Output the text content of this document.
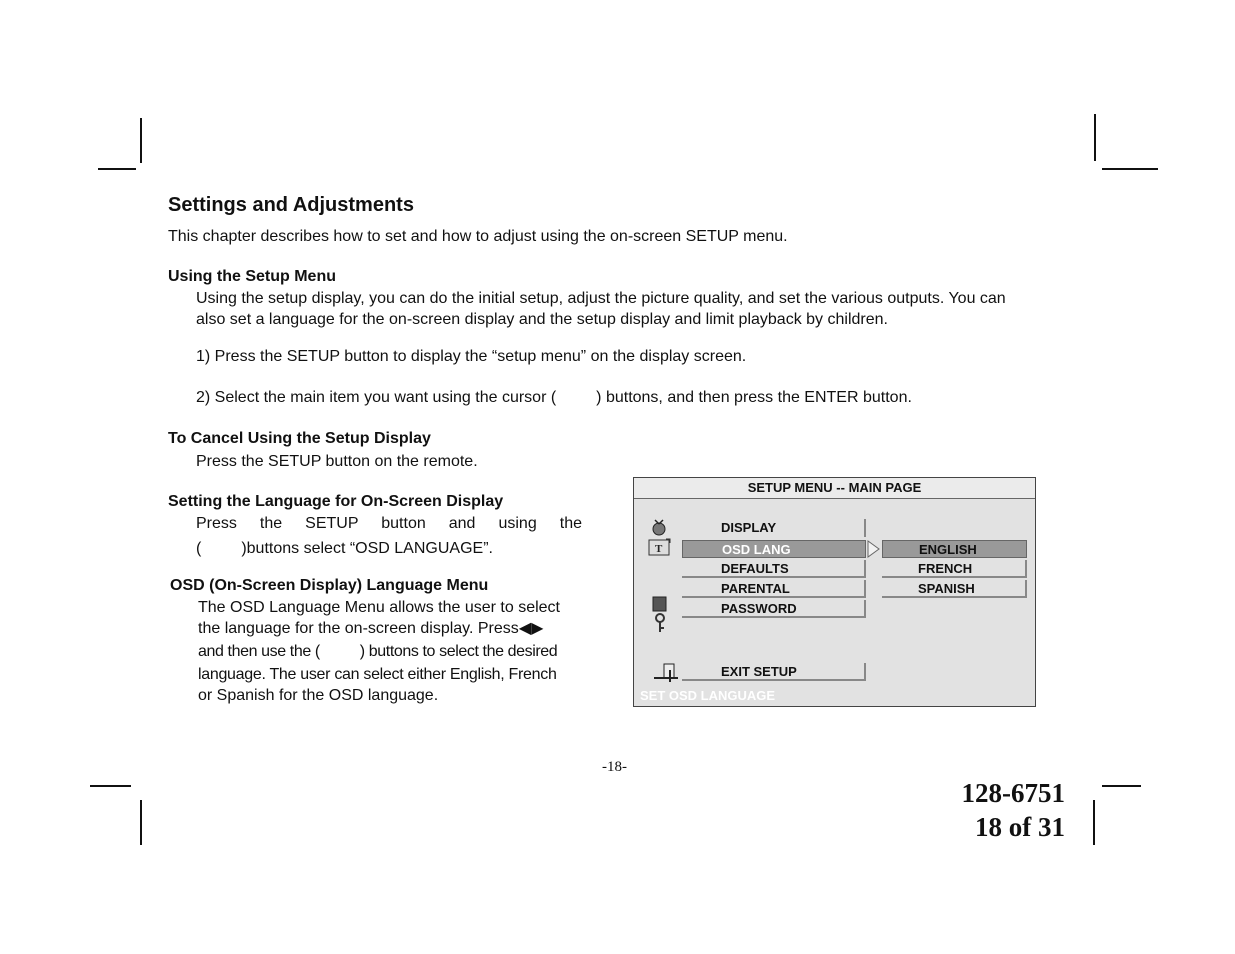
Settings and Adjustments
This chapter describes how to set and how to adjust using the on-screen SETUP menu.
Using the Setup Menu
Using the setup display, you can do the initial setup, adjust the picture quality, and set the various outputs. You can
also set a language for the on-screen display and the setup display and limit playback by children.
1) Press the SETUP button to display the “setup menu” on the display screen.
2) Select the main item you want using the cursor (	) buttons, and then press the ENTER button.
To Cancel Using the Setup Display
Press the SETUP button on the remote.
Setting the Language for On-Screen Display
Press the SETUP button and using the
(	)buttons select “OSD LANGUAGE”.
OSD (On-Screen Display) Language Menu
The OSD Language Menu allows the user to select
the language for the on-screen display. Press◀▶
and then use the (	) buttons to select the desired
language. The user can select either English, French
or Spanish for the OSD language.
SETUP MENU -- MAIN PAGE
T
DISPLAY
OSD LANG
DEFAULTS
PARENTAL
PASSWORD
EXIT SETUP
ENGLISH
FRENCH
SPANISH
SET OSD LANGUAGE
-18-
128-6751
18 of 31
